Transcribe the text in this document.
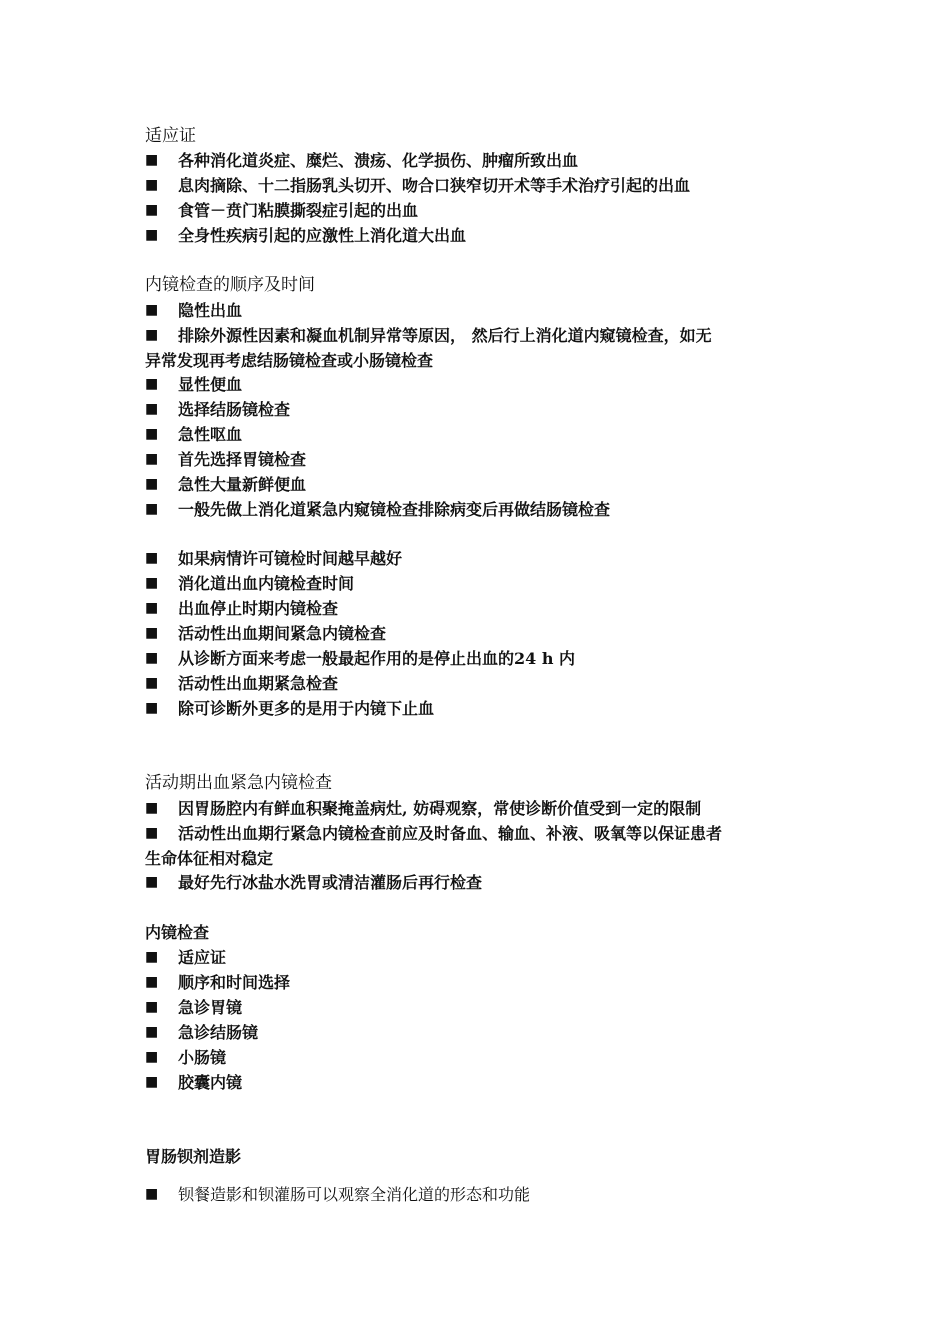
适应证
■	各种消化道炎症、糜烂、溃疡、化学损伤、肿瘤所致出血
■	息肉摘除、十二指肠乳头切开、吻合口狭窄切开术等手术治疗引起的出血
■	食管－贲门粘膜撕裂症引起的出血
■	全身性疾病引起的应激性上消化道大出血
内镜检查的顺序及时间
■	隐性出血
■	排除外源性因素和凝血机制异常等原因， 然后行上消化道内窥镜检查，如无
异常发现再考虑结肠镜检查或小肠镜检查
■	显性便血
■	选择结肠镜检查
■	急性呕血
■	首先选择胃镜检查
■	急性大量新鲜便血
■	一般先做上消化道紧急内窥镜检查排除病变后再做结肠镜检查
■	如果病情许可镜检时间越早越好
■	消化道出血内镜检查时间
■	出血停止时期内镜检查
■	活动性出血期间紧急内镜检查
■	从诊断方面来考虑一般最起作用的是停止出血的24 h 内
■	活动性出血期紧急检查
■	除可诊断外更多的是用于内镜下止血
活动期出血紧急内镜检查
■	因胃肠腔内有鲜血积聚掩盖病灶, 妨碍观察，常使诊断价值受到一定的限制
■	活动性出血期行紧急内镜检查前应及时备血、输血、补液、吸氧等以保证患者
生命体征相对稳定
■	最好先行冰盐水洗胃或清洁灌肠后再行检查
内镜检查
■	适应证
■	顺序和时间选择
■	急诊胃镜
■	急诊结肠镜
■	小肠镜
■	胶囊内镜
胃肠钡剂造影
■	钡餐造影和钡灌肠可以观察全消化道的形态和功能
